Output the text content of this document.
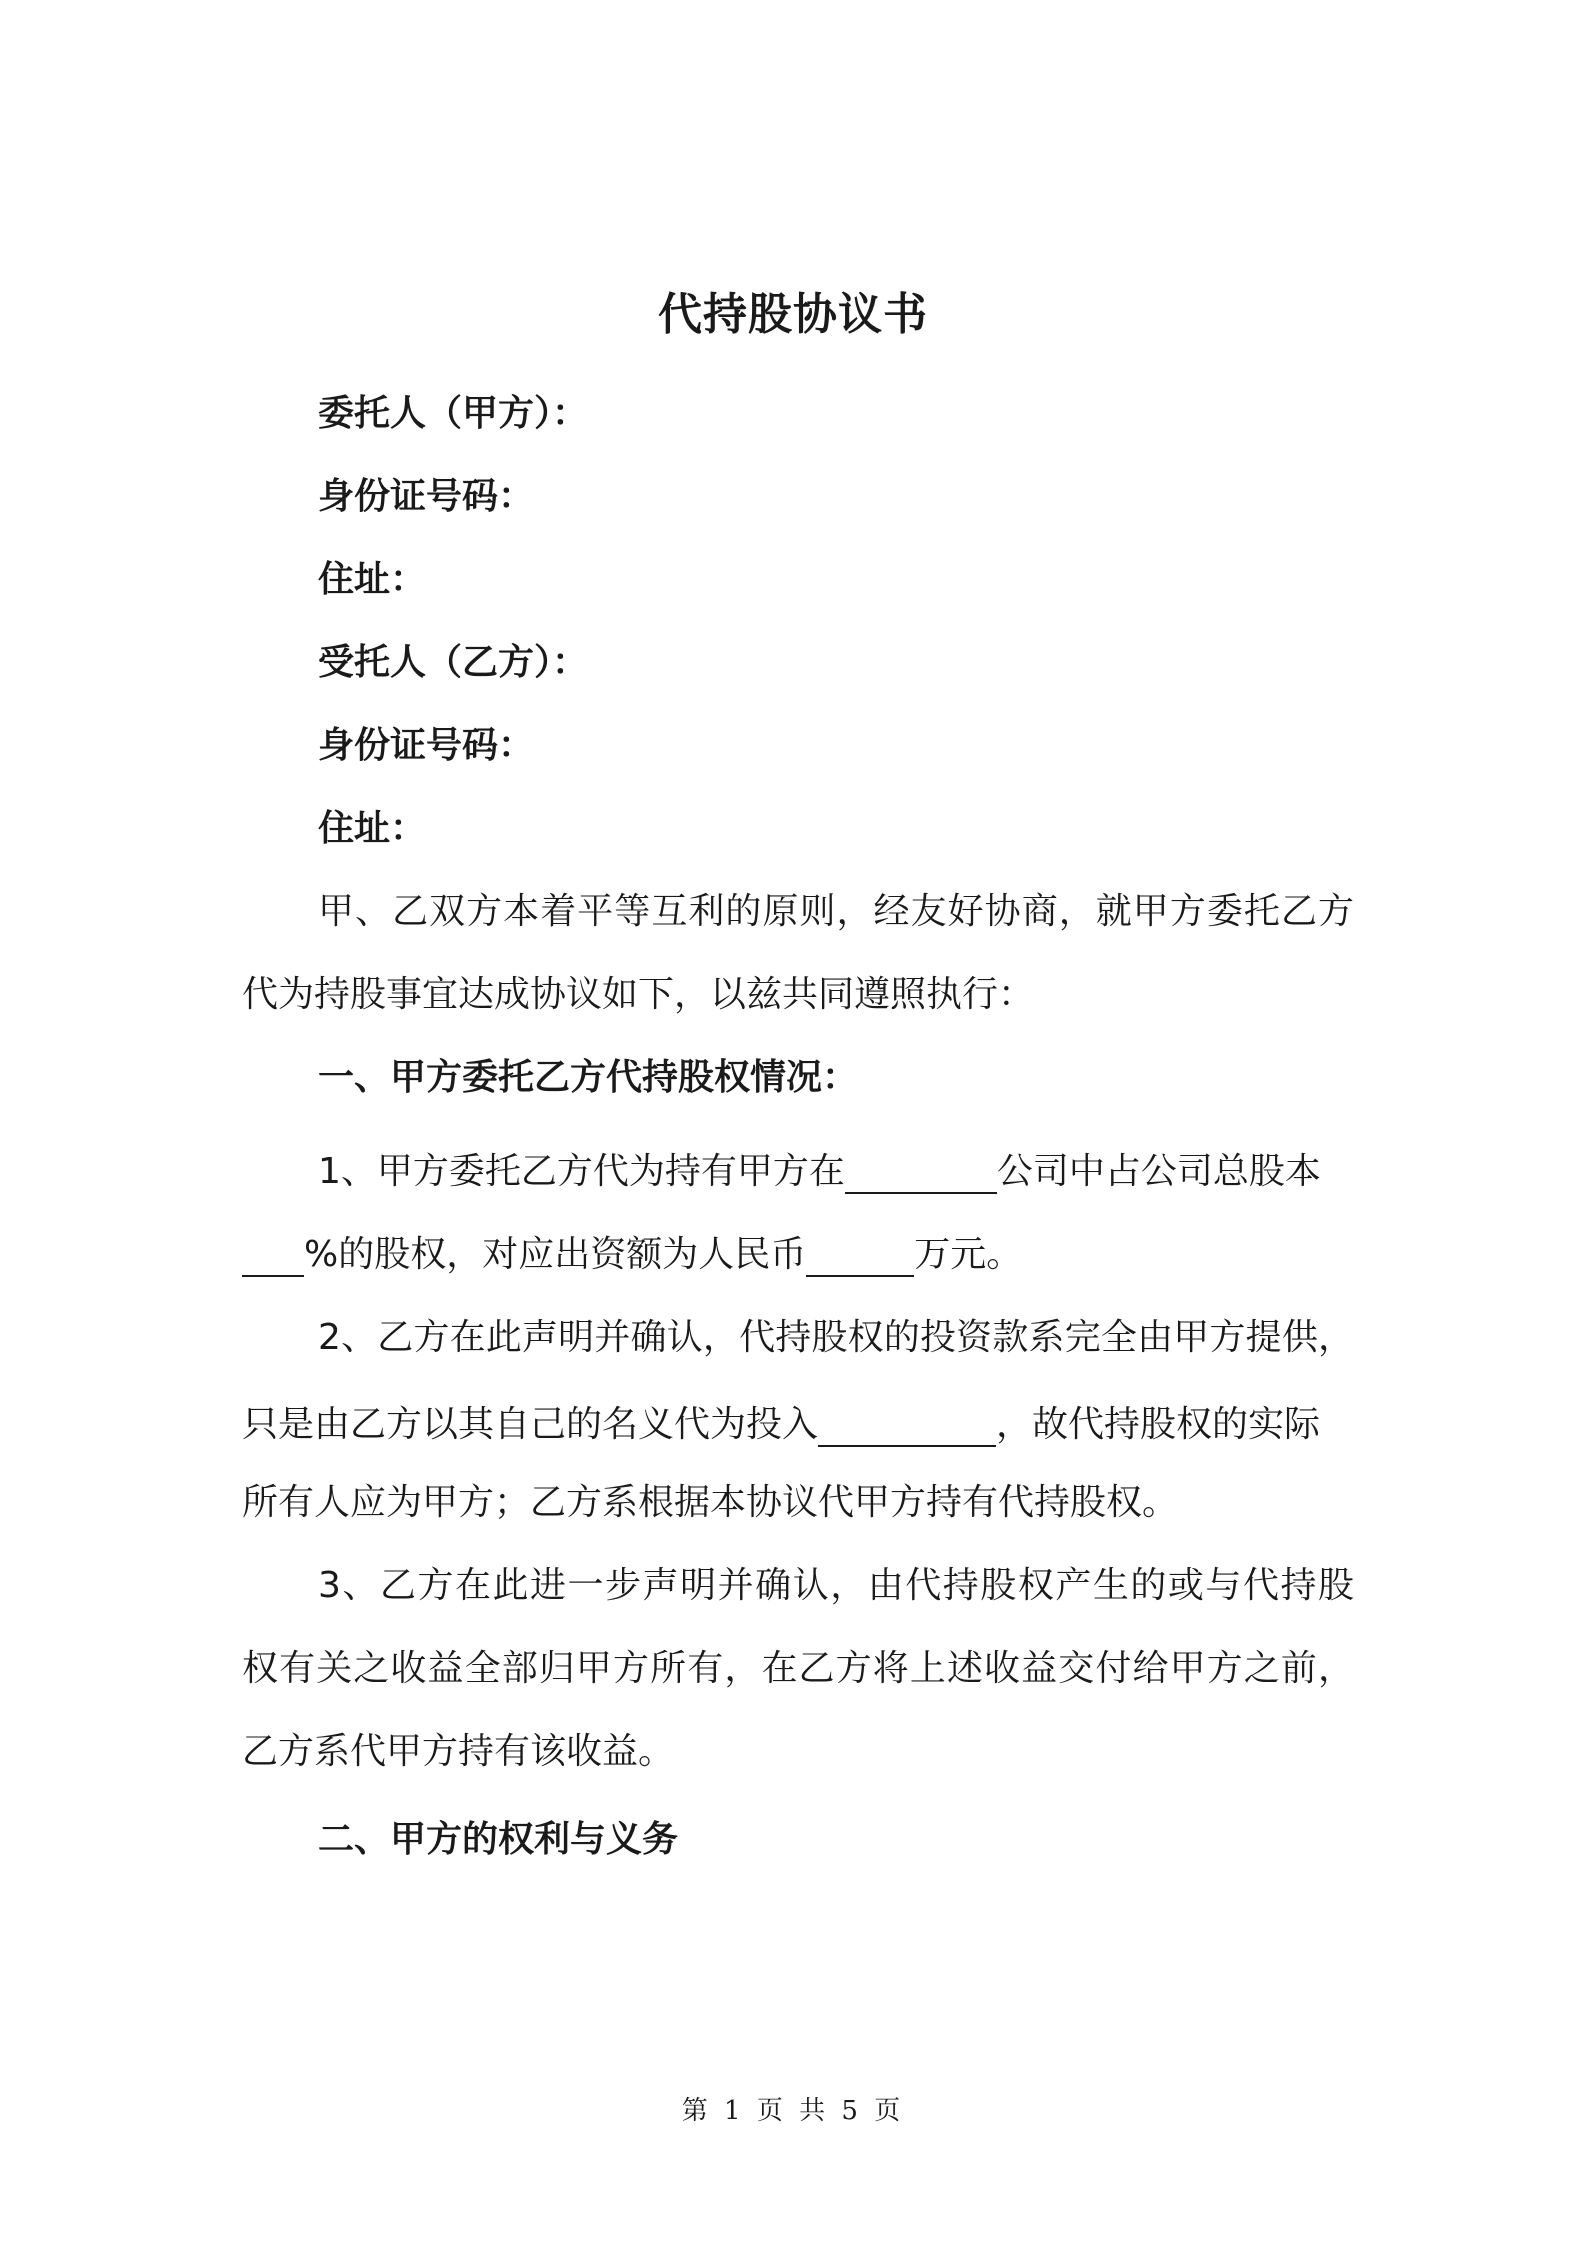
代持股协议书
委托人（甲方）：
身份证号码：
住址：
受托人（乙方）：
身份证号码：
住址：
甲、乙双方本着平等互利的原则，经友好协商，就甲方委托乙方
代为持股事宜达成协议如下，以兹共同遵照执行：
一、甲方委托乙方代持股权情况：
1、甲方委托乙方代为持有甲方在	公司中占公司总股本
%的股权，对应出资额为人民币	万元。
2、乙方在此声明并确认，代持股权的投资款系完全由甲方提供，
只是由乙方以其自己的名义代为投入	，故代持股权的实际
所有人应为甲方；乙方系根据本协议代甲方持有代持股权。
3、乙方在此进一步声明并确认，由代持股权产生的或与代持股
权有关之收益全部归甲方所有，在乙方将上述收益交付给甲方之前，
乙方系代甲方持有该收益。
二、甲方的权利与义务
第 1 页 共 5 页
